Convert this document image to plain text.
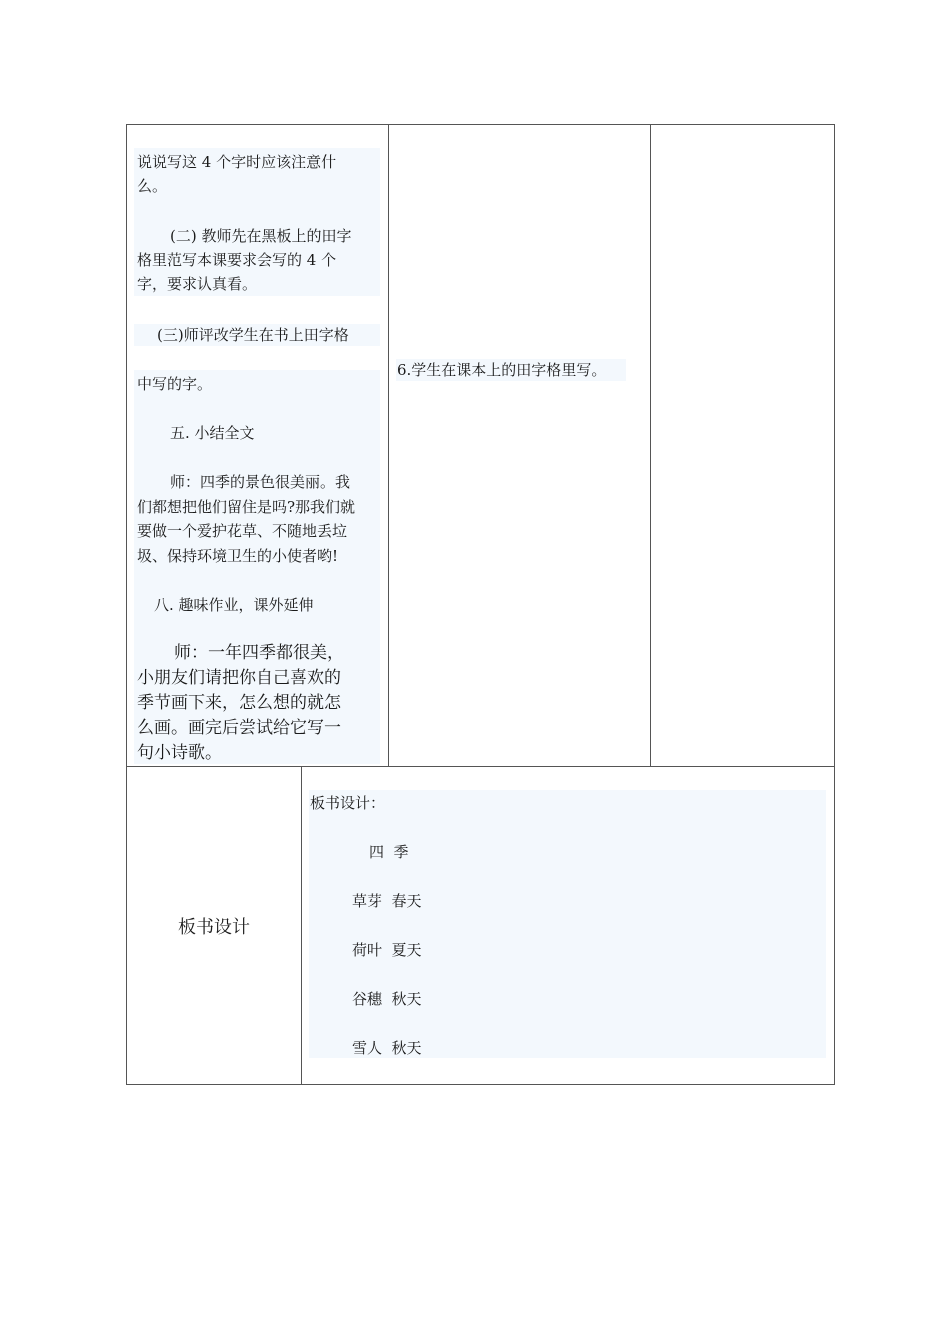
说说写这 4 个字时应该注意什
么。
(二) 教师先在黑板上的田字
格里范写本课要求会写的 4 个
字，要求认真看。
(三)师评改学生在书上田字格
中写的字。
五. 小结全文
师：四季的景色很美丽。我
们都想把他们留住是吗?那我们就
要做一个爱护花草、不随地丢垃
圾、保持环境卫生的小使者哟!
八. 趣味作业，课外延伸
师：一年四季都很美，
小朋友们请把你自己喜欢的
季节画下来，怎么想的就怎
么画。画完后尝试给它写一
句小诗歌。
6.学生在课本上的田字格里写。
板书设计
板书设计：
四  季
草芽  春天
荷叶  夏天
谷穗  秋天
雪人  秋天
